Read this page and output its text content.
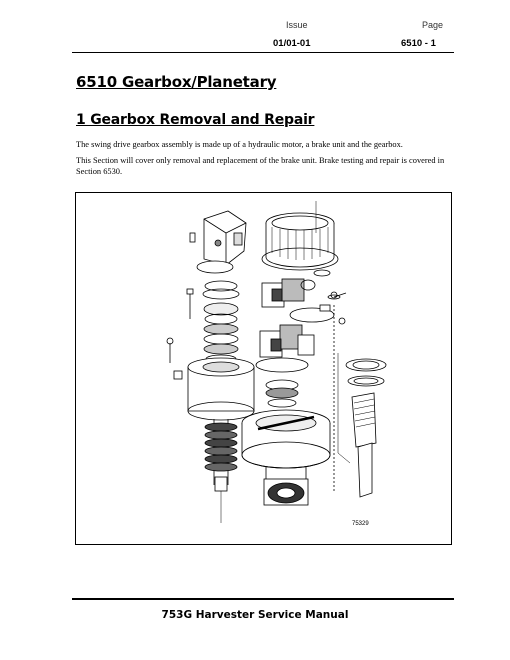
Issue	Page
01/01-01	6510 - 1
6510 Gearbox/Planetary
1 Gearbox Removal and Repair

The swing drive gearbox assembly is made up of a hydraulic motor, a brake unit and the gearbox.

This Section will cover only removal and replacement of the brake unit. Brake testing and repair is covered in Section 6530.

75329
753G Harvester Service Manual
